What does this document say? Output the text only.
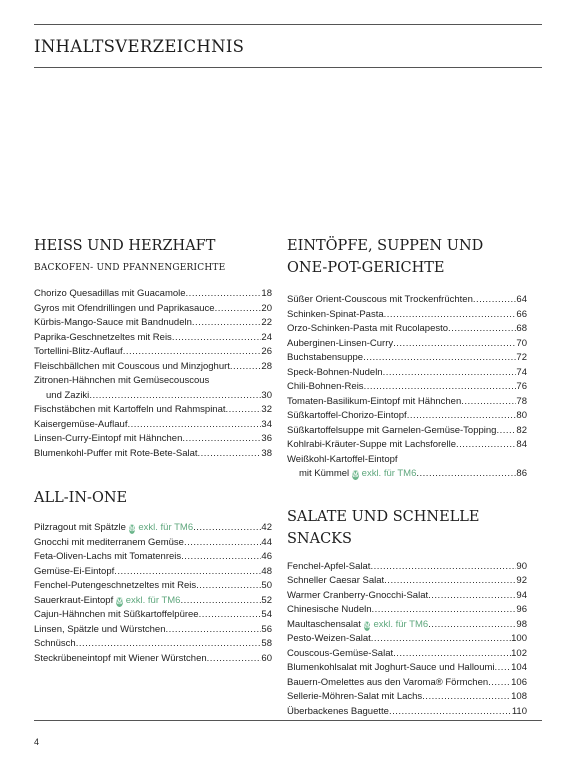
INHALTSVERZEICHNIS
HEISS UND HERZHAFT
BACKOFEN- UND PFANNENGERICHTE
Chorizo Quesadillas mit Guacamole .....	18
Gyros mit Ofendrillingen und Paprikasauce .....	20
Kürbis-Mango-Sauce mit Bandnudeln .....	22
Paprika-Geschnetzeltes mit Reis .....	24
Tortellini-Blitz-Auflauf .....	26
Fleischbällchen mit Couscous und Minzjoghurt .....	28
Zitronen-Hähnchen mit Gemüsecouscous
und Zaziki .....	30
Fischstäbchen mit Kartoffeln und Rahmspinat .....	32
Kaisergemüse-Auflauf .....	34
Linsen-Curry-Eintopf mit Hähnchen .....	36
Blumenkohl-Puffer mit Rote-Bete-Salat .....	38
ALL-IN-ONE
Pilzragout mit Spätzle Ⓜ exkl. für TM6 .....	42
Gnocchi mit mediterranem Gemüse .....	44
Feta-Oliven-Lachs mit Tomatenreis .....	46
Gemüse-Ei-Eintopf .....	48
Fenchel-Putengeschnetzeltes mit Reis .....	50
Sauerkraut-Eintopf Ⓜ exkl. für TM6 .....	52
Cajun-Hähnchen mit Süßkartoffelpüree .....	54
Linsen, Spätzle und Würstchen .....	56
Schnüsch .....	58
Steckrübeneintopf mit Wiener Würstchen .....	60
EINTÖPFE, SUPPEN UND
ONE-POT-GERICHTE
Süßer Orient-Couscous mit Trockenfrüchten .....	64
Schinken-Spinat-Pasta .....	66
Orzo-Schinken-Pasta mit Rucolapesto .....	68
Auberginen-Linsen-Curry .....	70
Buchstabensuppe .....	72
Speck-Bohnen-Nudeln .....	74
Chili-Bohnen-Reis .....	76
Tomaten-Basilikum-Eintopf mit Hähnchen .....	78
Süßkartoffel-Chorizo-Eintopf .....	80
Süßkartoffelsuppe mit Garnelen-Gemüse-Topping ..... 82
Kohlrabi-Kräuter-Suppe mit Lachsforelle .....	84
Weißkohl-Kartoffel-Eintopf
mit Kümmel Ⓜ exkl. für TM6 .....	86
SALATE UND SCHNELLE SNACKS
Fenchel-Apfel-Salat .....	90
Schneller Caesar Salat .....	92
Warmer Cranberry-Gnocchi-Salat .....	94
Chinesische Nudeln .....	96
Maultaschensalat Ⓜ exkl. für TM6 .....	98
Pesto-Weizen-Salat .....	100
Couscous-Gemüse-Salat .....	102
Blumenkohlsalat mit Joghurt-Sauce und Halloumi ..... 104
Bauern-Omelettes aus den Varoma® Förmchen ..... 106
Sellerie-Möhren-Salat mit Lachs .....	108
Überbackenes Baguette .....	110
4
